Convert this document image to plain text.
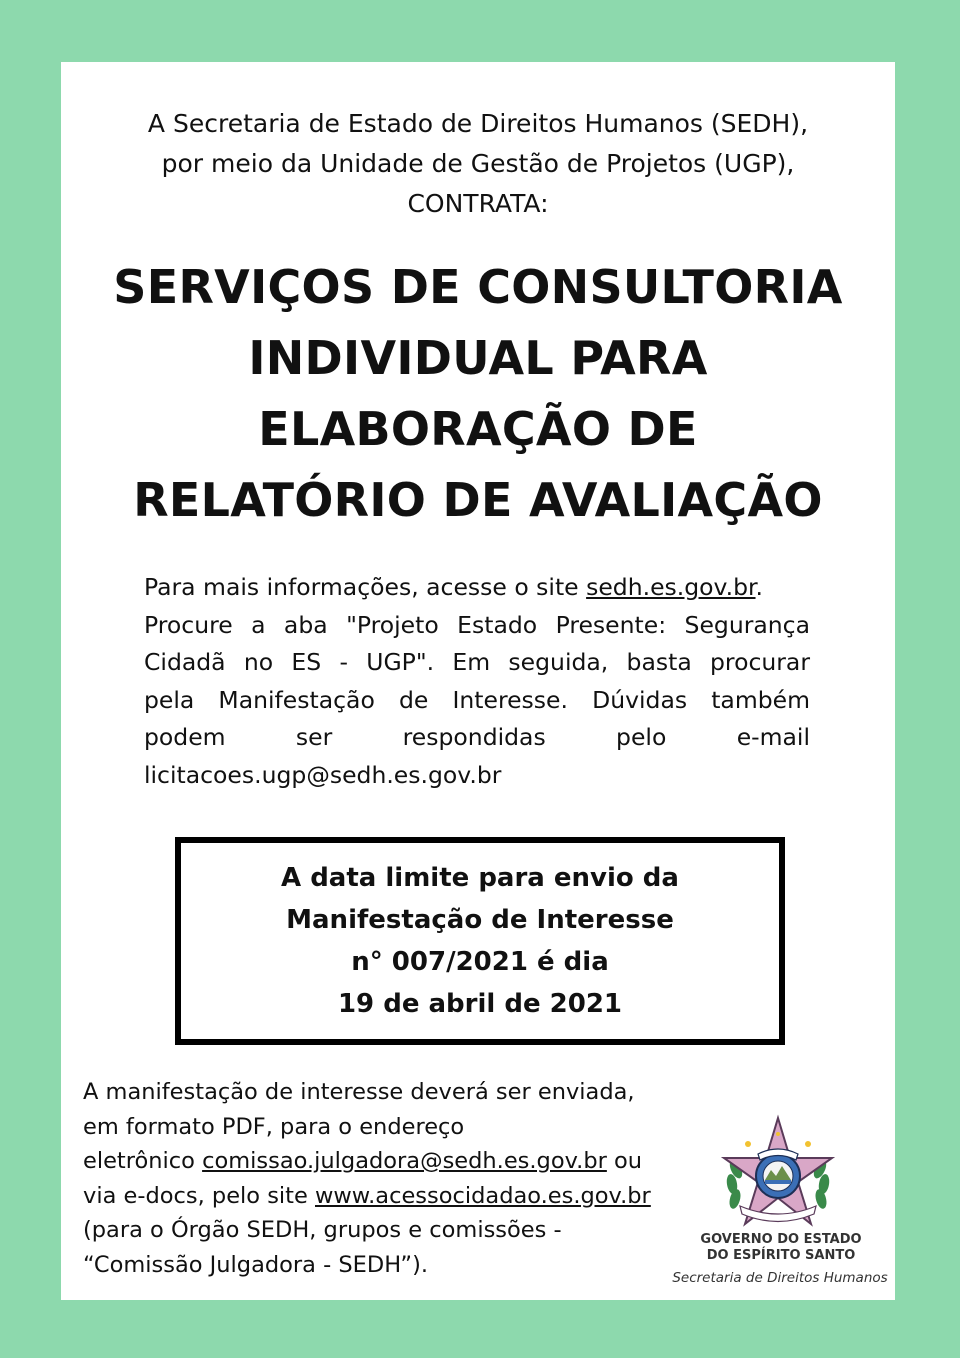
A Secretaria de Estado de Direitos Humanos (SEDH),
por meio da Unidade de Gestão de Projetos (UGP),
CONTRATA:
SERVIÇOS DE CONSULTORIA
INDIVIDUAL PARA
ELABORAÇÃO DE
RELATÓRIO DE AVALIAÇÃO
Para mais informações, acesse o site sedh.es.gov.br.
Procure a aba "Projeto Estado Presente: Segurança
Cidadã no ES - UGP". Em seguida, basta procurar
pela Manifestação de Interesse. Dúvidas também
podem ser respondidas pelo e-mail
licitacoes.ugp@sedh.es.gov.br
A data limite para envio da
Manifestação de Interesse
n° 007/2021 é dia
19 de abril de 2021
A manifestação de interesse deverá ser enviada,
em formato PDF, para o endereço
eletrônico comissao.julgadora@sedh.es.gov.br ou
via e-docs, pelo site www.acessocidadao.es.gov.br
(para o Órgão SEDH, grupos e comissões -
“Comissão Julgadora - SEDH”).
GOVERNO DO ESTADO
DO ESPÍRITO SANTO
Secretaria de Direitos Humanos
